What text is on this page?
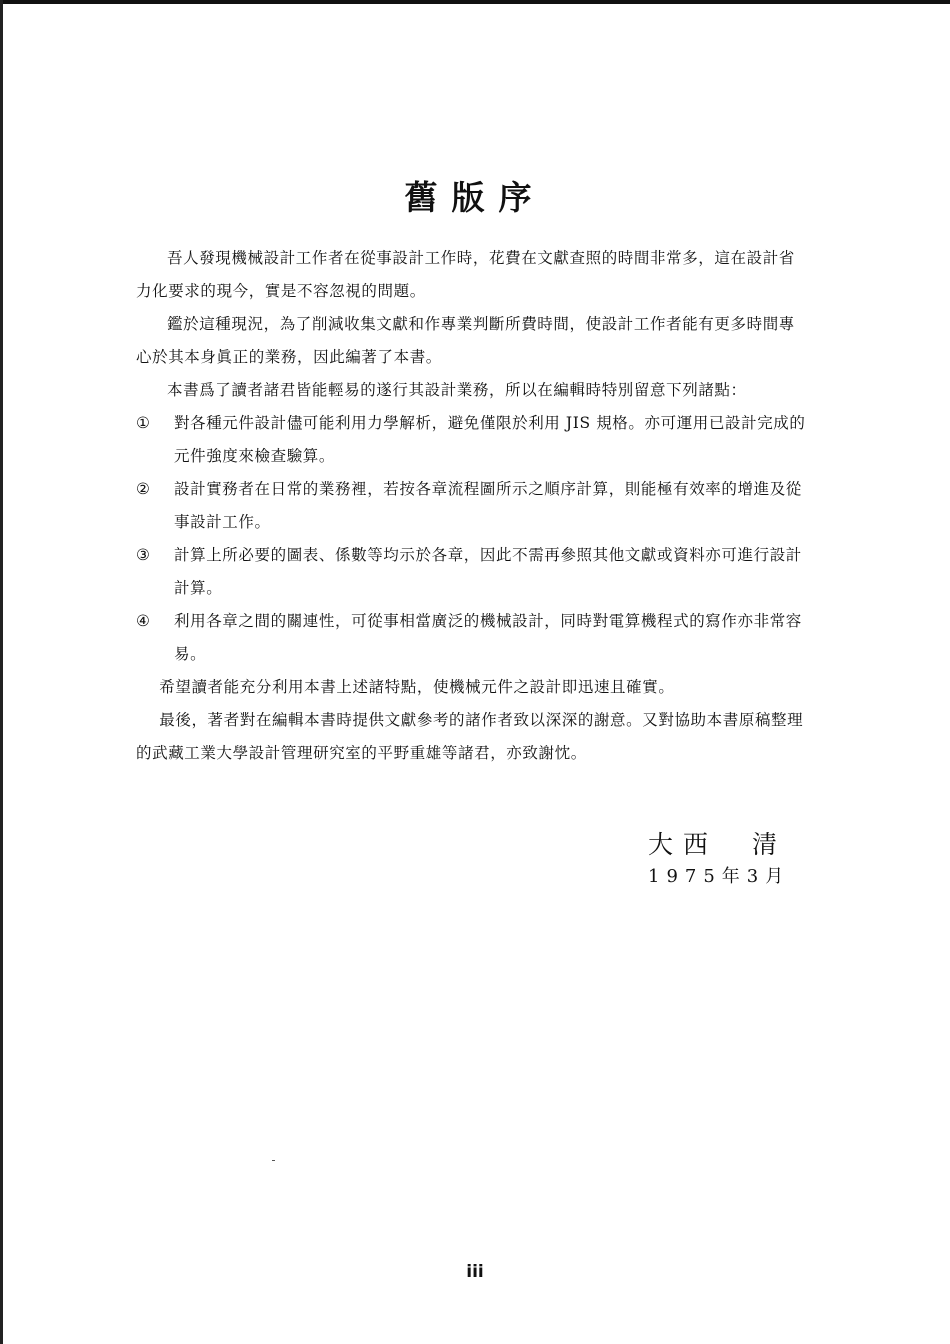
舊版序

吾人發現機械設計工作者在從事設計工作時，花費在文獻查照的時間非常多，這在設計省力化要求的現今，實是不容忽視的問題。

鑑於這種現況，為了削減收集文獻和作專業判斷所費時間，使設計工作者能有更多時間專心於其本身眞正的業務，因此編著了本書。

本書爲了讀者諸君皆能輕易的遂行其設計業務，所以在編輯時特別留意下列諸點：

①	對各種元件設計儘可能利用力學解析，避免僅限於利用 JIS 規格。亦可運用已設計完成的元件強度來檢查驗算。
②	設計實務者在日常的業務裡，若按各章流程圖所示之順序計算，則能極有效率的增進及從事設計工作。
③	計算上所必要的圖表、係數等均示於各章，因此不需再參照其他文獻或資料亦可進行設計計算。
④	利用各章之間的關連性，可從事相當廣泛的機械設計，同時對電算機程式的寫作亦非常容易。

希望讀者能充分利用本書上述諸特點，使機械元件之設計即迅速且確實。

最後，著者對在編輯本書時提供文獻參考的諸作者致以深深的謝意。又對協助本書原稿整理的武藏工業大學設計管理研究室的平野重雄等諸君，亦致謝忱。

大西 清

1975年3月

iii
